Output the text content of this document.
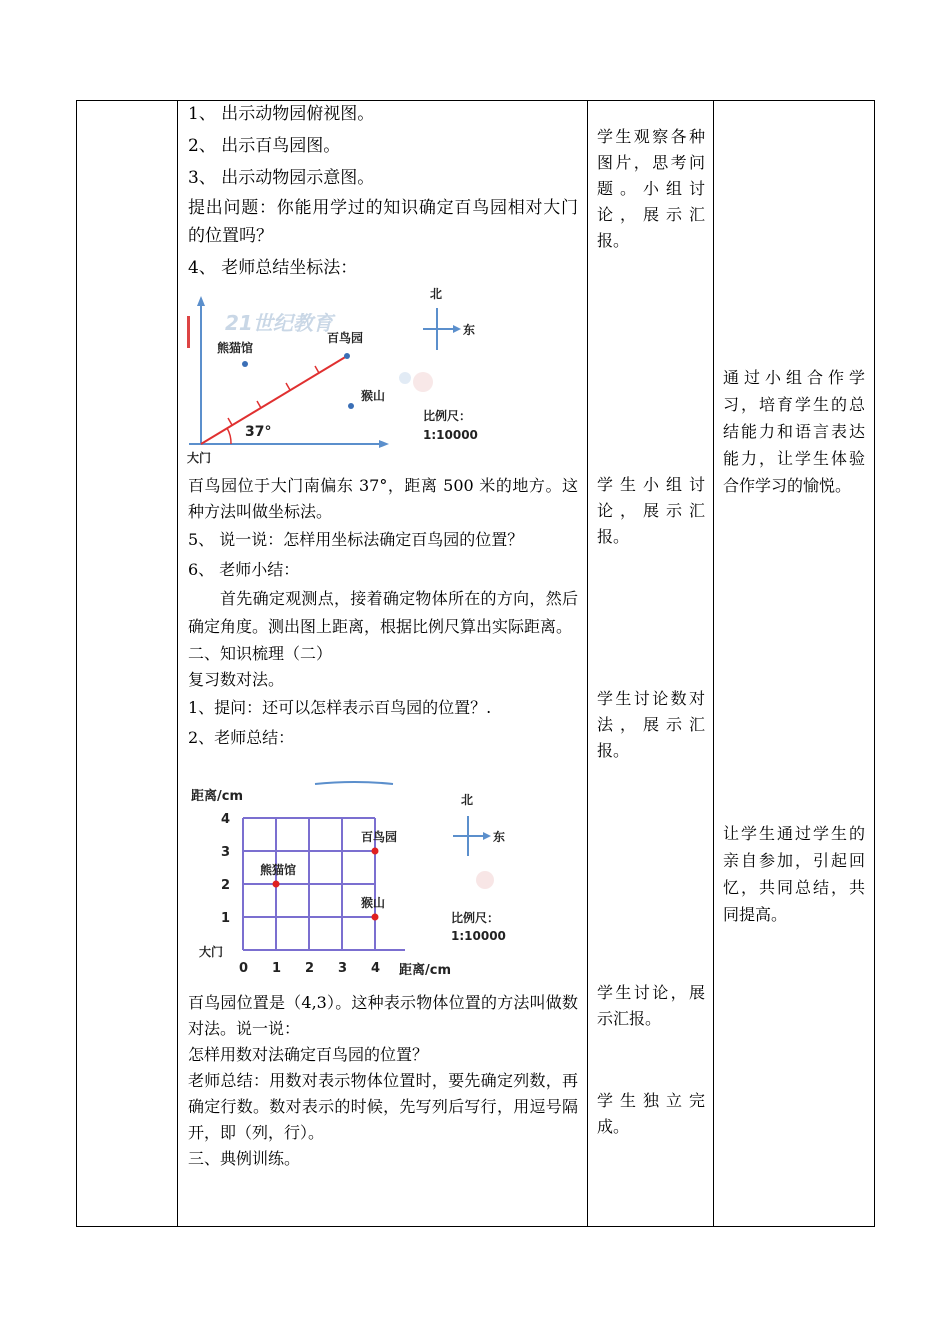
1、 出示动物园俯视图。

2、 出示百鸟园图。

3、 出示动物园示意图。

提出问题：你能用学过的知识确定百鸟园相对大门的位置吗？

4、 老师总结坐标法：

21世纪教育
37°
百鸟园
熊猫馆
猴山
北
东
比例尺：
1:10000
大门

百鸟园位于大门南偏东 37°，距离 500 米的地方。这种方法叫做坐标法。

5、 说一说：怎样用坐标法确定百鸟园的位置？

6、 老师小结：

首先确定观测点，接着确定物体所在的方向，然后确定角度。测出图上距离，根据比例尺算出实际距离。

二、知识梳理（二）

复习数对法。

1、提问：还可以怎样表示百鸟园的位置？.

2、老师总结：

0 1 2 3 4
1
2
3
4
百鸟园
熊猫馆
猴山
距离/cm
距离/cm
大门
北
东
比例尺：
1:10000

百鸟园位置是（4,3）。这种表示物体位置的方法叫做数对法。说一说：

怎样用数对法确定百鸟园的位置？

老师总结：用数对表示物体位置时，要先确定列数，再确定行数。数对表示的时候，先写列后写行，用逗号隔开，即（列，行）。

三、典例训练。

学生观察各种图片，思考问题。小组讨论，展示汇报。

学生小组讨论，展示汇报。

学生讨论数对法，展示汇报。

学生讨论，展示汇报。

学生独立完成。

通过小组合作学习，培育学生的总结能力和语言表达能力，让学生体验合作学习的愉悦。

让学生通过学生的亲自参加，引起回忆，共同总结，共同提高。
